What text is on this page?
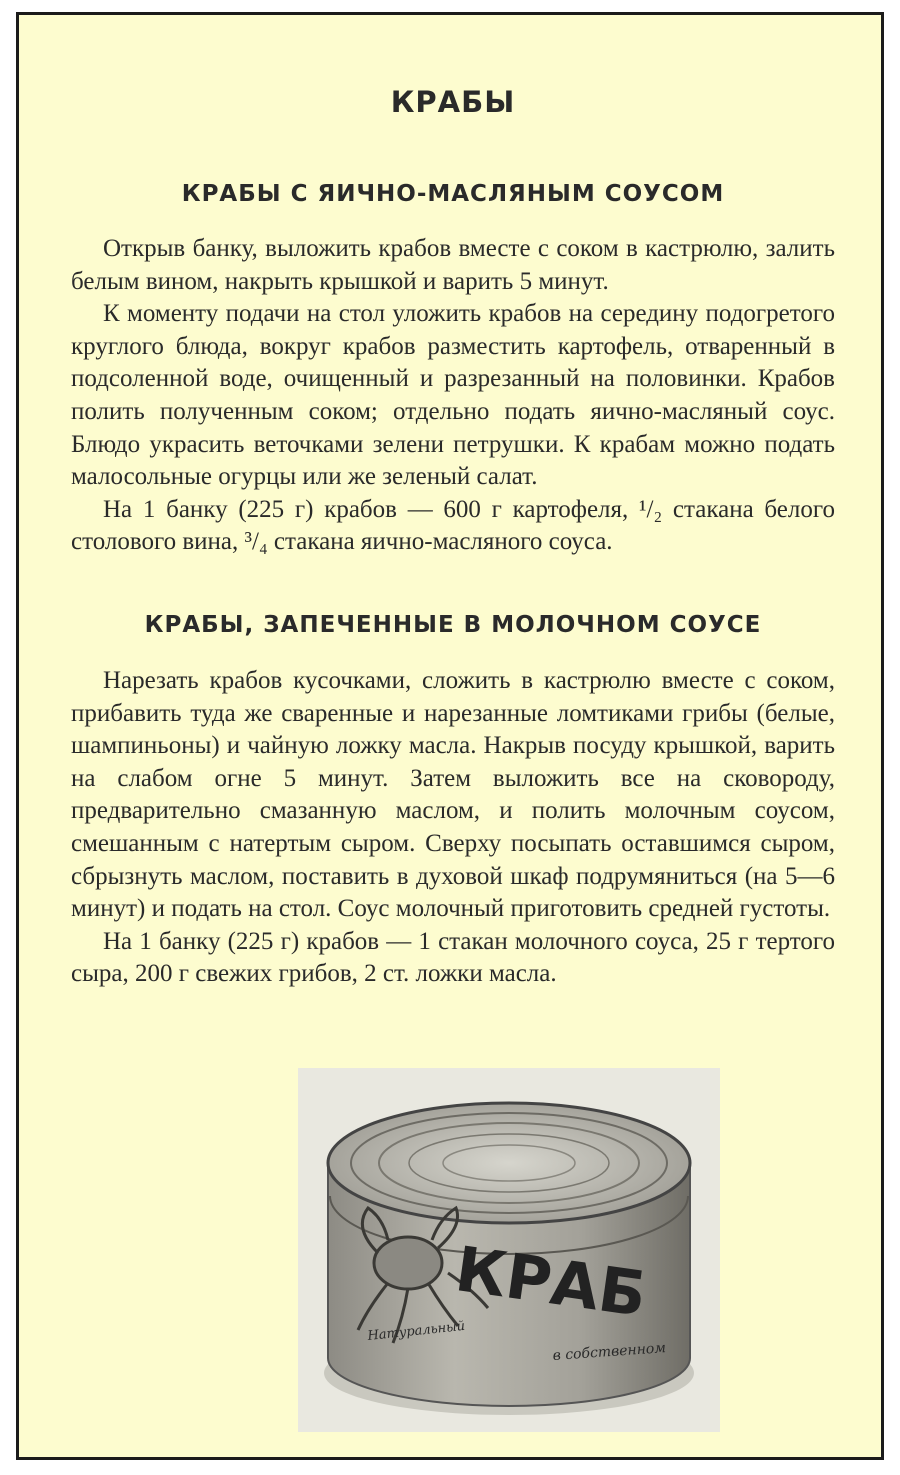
КРАБЫ
КРАБЫ С ЯИЧНО-МАСЛЯНЫМ СОУСОМ

Открыв банку, выложить крабов вместе с соком в кастрюлю, залить белым вином, накрыть крышкой и варить 5 минут.

К моменту подачи на стол уложить крабов на середину подогретого круглого блюда, вокруг крабов разместить картофель, отваренный в подсоленной воде, очищенный и разрезанный на половинки. Крабов полить полученным соком; отдельно подать яично-масляный соус. Блюдо украсить веточками зелени петрушки. К крабам можно подать малосольные огурцы или же зеленый салат.

На 1 банку (225 г) крабов — 600 г картофеля, ¹/₂ стакана белого столового вина, ³/₄ стакана яично-масляного соуса.

КРАБЫ, ЗАПЕЧЕННЫЕ В МОЛОЧНОМ СОУСЕ

Нарезать крабов кусочками, сложить в кастрюлю вместе с соком, прибавить туда же сваренные и нарезанные ломтиками грибы (белые, шампиньоны) и чайную ложку масла. Накрыв посуду крышкой, варить на слабом огне 5 минут. Затем выложить все на сковороду, предварительно смазанную маслом, и полить молочным соусом, смешанным с натертым сыром. Сверху посыпать оставшимся сыром, сбрызнуть маслом, поставить в духовой шкаф подрумяниться (на 5—6 минут) и подать на стол. Соус молочный приготовить средней густоты.

На 1 банку (225 г) крабов — 1 стакан молочного соуса, 25 г тертого сыра, 200 г свежих грибов, 2 ст. ложки масла.

КРАБ
Натуральный
в собственном
